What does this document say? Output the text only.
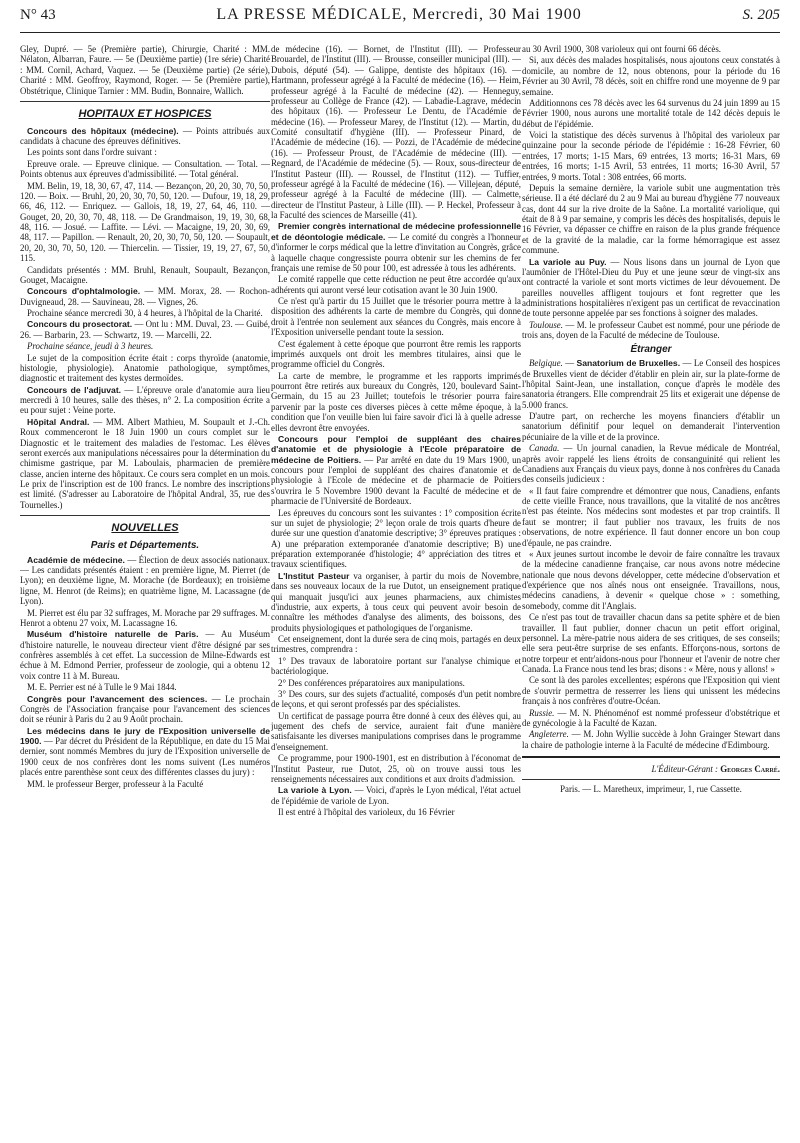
N° 43	LA PRESSE MÉDICALE, Mercredi, 30 Mai 1900	S. 205

Gley, Dupré. — 5e (Première partie), Chirurgie, Charité : MM. Nélaton, Albarran, Faure. — 5e (Deuxième partie) (1re série) Charité : MM. Cornil, Achard, Vaquez. — 5e (Deuxième partie) (2e série), Charité : MM. Geoffroy, Raymond, Roger. — 5e (Première partie), Obstétrique, Clinique Tarnier : MM. Budin, Bonnaire, Wallich.

HOPITAUX ET HOSPICES

Concours des hôpitaux (médecine). — Points attribués aux candidats à chacune des épreuves définitives.

Les points sont dans l'ordre suivant :

Epreuve orale. — Epreuve clinique. — Consultation. — Total. — Points obtenus aux épreuves d'admissibilité. — Total général.

MM. Belin, 19, 18, 30, 67, 47, 114. — Bezançon, 20, 20, 30, 70, 50, 120. — Boix. — Bruhl, 20, 20, 30, 70, 50, 120. — Dufour, 19, 18, 29, 66, 46, 112. — Enriquez. — Gallois, 18, 19, 27, 64, 46, 110. — Gouget, 20, 20, 30, 70, 48, 118. — De Grandmaison, 19, 19, 30, 68, 48, 116. — Josué. — Laffite. — Lévi. — Macaigne, 19, 20, 30, 69, 48, 117. — Papillon. — Renault, 20, 20, 30, 70, 50, 120. — Soupault, 20, 20, 30, 70, 50, 120. — Thiercelin. — Tissier, 19, 19, 27, 67, 50, 115.

Candidats présentés : MM. Bruhl, Renault, Soupault, Bezançon, Gouget, Macaigne.

Concours d'ophtalmologie. — MM. Morax, 28. — Rochon-Duvigneaud, 28. — Sauvineau, 28. — Vignes, 26.

Prochaine séance mercredi 30, à 4 heures, à l'hôpital de la Charité.

Concours du prosectorat. — Ont lu : MM. Duval, 23. — Guibé, 26. — Barbarin, 23. — Schwartz, 19. — Marcelli, 22.

Prochaine séance, jeudi à 3 heures.

Le sujet de la composition écrite était : corps thyroïde (anatomie, histologie, physiologie). Anatomie pathologique, symptômes, diagnostic et traitement des kystes dermoïdes.

Concours de l'adjuvat. — L'épreuve orale d'anatomie aura lieu mercredi à 10 heures, salle des thèses, n° 2. La composition écrite a eu pour sujet : Veine porte.

Hôpital Andral. — MM. Albert Mathieu, M. Soupault et J.-Ch. Roux commenceront le 18 Juin 1900 un cours complet sur le Diagnostic et le traitement des maladies de l'estomac. Les élèves seront exercés aux manipulations nécessaires pour la détermination du chimisme gastrique, par M. Laboulais, pharmacien de première classe, ancien interne des hôpitaux. Ce cours sera complet en un mois. Le prix de l'inscription est de 100 francs. Le nombre des inscriptions est limité. (S'adresser au Laboratoire de l'hôpital Andral, 35, rue des Tournelles.)

NOUVELLES
Paris et Départements.

Académie de médecine. — Élection de deux associés nationaux. — Les candidats présentés étaient : en première ligne, M. Pierret (de Lyon); en deuxième ligne, M. Morache (de Bordeaux); en troisième ligne, M. Henrot (de Reims); en quatrième ligne, M. Lacassagne (de Lyon).

M. Pierret est élu par 32 suffrages, M. Morache par 29 suffrages. M. Henrot a obtenu 27 voix, M. Lacassagne 16.

Muséum d'histoire naturelle de Paris. — Au Muséum d'histoire naturelle, le nouveau directeur vient d'être désigné par ses confrères assemblés à cet effet. La succession de Milne-Edwards est échue à M. Edmond Perrier, professeur de zoologie, qui a obtenu 12 voix contre 11 à M. Bureau.

M. E. Perrier est né à Tulle le 9 Mai 1844.

Congrès pour l'avancement des sciences. — Le prochain Congrès de l'Association française pour l'avancement des sciences doit se réunir à Paris du 2 au 9 Août prochain.

Les médecins dans le jury de l'Exposition universelle de 1900. — Par décret du Président de la République, en date du 15 Mai dernier, sont nommés Membres du jury de l'Exposition universelle de 1900 ceux de nos confrères dont les noms suivent (Les numéros placés entre parenthèse sont ceux des différentes classes du jury) :

MM. le professeur Berger, professeur à la Faculté

de médecine (16). — Bornet, de l'Institut (III). — Professeur Brouardel, de l'Institut (III). — Brousse, conseiller municipal (III). — Dubois, député (54). — Galippe, dentiste des hôpitaux (16). — Hartmann, professeur agrégé à la Faculté de médecine (16). — Heim, professeur agrégé à la Faculté de médecine (42). — Henneguy, professeur au Collège de France (42). — Labadie-Lagrave, médecin des hôpitaux (16). — Professeur Le Dentu, de l'Académie de médecine (16). — Professeur Marey, de l'Institut (12). — Martin, du Comité consultatif d'hygiène (III). — Professeur Pinard, de l'Académie de médecine (16). — Pozzi, de l'Académie de médecine (16). — Professeur Proust, de l'Académie de médecine (III). — Regnard, de l'Académie de médecine (5). — Roux, sous-directeur de l'Institut Pasteur (III). — Roussel, de l'Institut (112). — Tuffier, professeur agrégé à la Faculté de médecine (16). — Villejean, député, professeur agrégé à la Faculté de médecine (III). — Calmette, directeur de l'Institut Pasteur, à Lille (III). — P. Heckel, Professeur à la Faculté des sciences de Marseille (41).

Premier congrès international de médecine professionnelle et de déontologie médicale. — Le comité du congrès a l'honneur d'informer le corps médical que la lettre d'invitation au Congrès, grâce à laquelle chaque congressiste pourra obtenir sur les chemins de fer français une remise de 50 pour 100, est adressée à tous les adhérents.

Le comité rappelle que cette réduction ne peut être accordée qu'aux adhérents qui auront versé leur cotisation avant le 30 Juin 1900.

Ce n'est qu'à partir du 15 Juillet que le trésorier pourra mettre à la disposition des adhérents la carte de membre du Congrès, qui donne droit à l'entrée non seulement aux séances du Congrès, mais encore à l'Exposition universelle pendant toute la session.

C'est également à cette époque que pourront être remis les rapports imprimés auxquels ont droit les membres titulaires, ainsi que le programme officiel du Congrès.

La carte de membre, le programme et les rapports imprimés pourront être retirés aux bureaux du Congrès, 120, boulevard Saint-Germain, du 15 au 23 Juillet; toutefois le trésorier pourra faire parvenir par la poste ces diverses pièces à cette même époque, à la condition que l'on veuille bien lui faire savoir d'ici là à quelle adresse elles devront être envoyées.

Concours pour l'emploi de suppléant des chaires d'anatomie et de physiologie à l'Ecole préparatoire de médecine de Poitiers. — Par arrêté en date du 19 Mars 1900, un concours pour l'emploi de suppléant des chaires d'anatomie et de physiologie à l'Ecole de médecine et de pharmacie de Poitiers s'ouvrira le 5 Novembre 1900 devant la Faculté de médecine et de pharmacie de l'Université de Bordeaux.

Les épreuves du concours sont les suivantes : 1° composition écrite sur un sujet de physiologie; 2° leçon orale de trois quarts d'heure de durée sur une question d'anatomie descriptive; 3° épreuves pratiques : A) une préparation extemporanée d'anatomie descriptive; B) une préparation extemporanée d'histologie; 4° appréciation des titres et travaux scientifiques.

L'Institut Pasteur va organiser, à partir du mois de Novembre, dans ses nouveaux locaux de la rue Dutot, un enseignement pratique qui manquait jusqu'ici aux jeunes pharmaciens, aux chimistes d'industrie, aux experts, à tous ceux qui peuvent avoir besoin de connaître les méthodes d'analyse des aliments, des boissons, des produits physiologiques et pathologiques de l'organisme.

Cet enseignement, dont la durée sera de cinq mois, partagés en deux trimestres, comprendra :

1° Des travaux de laboratoire portant sur l'analyse chimique et bactériologique.

2° Des conférences préparatoires aux manipulations.

3° Des cours, sur des sujets d'actualité, composés d'un petit nombre de leçons, et qui seront professés par des spécialistes.

Un certificat de passage pourra être donné à ceux des élèves qui, au jugement des chefs de service, auraient fait d'une manière satisfaisante les diverses manipulations comprises dans le programme d'enseignement.

Ce programme, pour 1900-1901, est en distribution à l'économat de l'Institut Pasteur, rue Dutot, 25, où on trouve aussi tous les renseignements nécessaires aux conditions et aux droits d'admission.

La variole à Lyon. — Voici, d'après le Lyon médical, l'état actuel de l'épidémie de variole de Lyon.

Il est entré à l'hôpital des varioleux, du 16 Février

au 30 Avril 1900, 308 varioleux qui ont fourni 66 décès.

Si, aux décès des malades hospitalisés, nous ajoutons ceux constatés à domicile, au nombre de 12, nous obtenons, pour la période du 16 Février au 30 Avril, 78 décès, soit en chiffre rond une moyenne de 9 par semaine.

Additionnons ces 78 décès avec les 64 survenus du 24 juin 1899 au 15 Février 1900, nous aurons une mortalité totale de 142 décès depuis le début de l'épidémie.

Voici la statistique des décès survenus à l'hôpital des varioleux par quinzaine pour la seconde période de l'épidémie : 16-28 Février, 60 entrées, 17 morts; 1-15 Mars, 69 entrées, 13 morts; 16-31 Mars, 69 entrées, 16 morts; 1-15 Avril, 53 entrées, 11 morts; 16-30 Avril, 57 entrées, 9 morts. Total : 308 entrées, 66 morts.

Depuis la semaine dernière, la variole subit une augmentation très sérieuse. Il a été déclaré du 2 au 9 Mai au bureau d'hygiène 77 nouveaux cas, dont 44 sur la rive droite de la Saône. La mortalité variolique, qui était de 8 à 9 par semaine, y compris les décès des hospitalisés, depuis le 16 Février, va dépasser ce chiffre en raison de la plus grande fréquence et de la gravité de la maladie, car la forme hémorragique est assez commune.

La variole au Puy. — Nous lisons dans un journal de Lyon que l'aumônier de l'Hôtel-Dieu du Puy et une jeune sœur de vingt-six ans ont contracté la variole et sont morts victimes de leur dévouement. De pareilles nouvelles affligent toujours et font regretter que les administrations hospitalières n'exigent pas un certificat de revaccination de toute personne appelée par ses fonctions à soigner des malades.

Toulouse. — M. le professeur Caubet est nommé, pour une période de trois ans, doyen de la Faculté de médecine de Toulouse.

Étranger

Belgique. — Sanatorium de Bruxelles. — Le Conseil des hospices de Bruxelles vient de décider d'établir en plein air, sur la plate-forme de l'hôpital Saint-Jean, une installation, conçue d'après le modèle des sanatoria étrangers. Elle comprendrait 25 lits et exigerait une dépense de 5.000 francs.

D'autre part, on recherche les moyens financiers d'établir un sanatorium définitif pour lequel on demanderait l'intervention pécuniaire de la ville et de la province.

Canada. — Un journal canadien, la Revue médicale de Montréal, après avoir rappelé les liens étroits de consanguinité qui relient les Canadiens aux Français du vieux pays, donne à nos confrères du Canada des conseils judicieux :

« Il faut faire comprendre et démontrer que nous, Canadiens, enfants de cette vieille France, nous travaillons, que la vitalité de nos ancêtres n'est pas éteinte. Nos médecins sont modestes et par trop craintifs. Il faut se montrer; il faut publier nos travaux, les fruits de nos observations, de notre expérience. Il faut donner encore un bon coup d'épaule, ne pas craindre.

« Aux jeunes surtout incombe le devoir de faire connaître les travaux de la médecine canadienne française, car nous avons notre médecine nationale que nous devons développer, cette médecine d'observation et d'expérience que nos aînés nous ont enseignée. Travaillons, nous, médecins canadiens, à devenir « quelque chose » : something, somebody, comme dit l'Anglais.

Ce n'est pas tout de travailler chacun dans sa petite sphère et de bien travailler. Il faut publier, donner chacun un petit effort original, personnel. La mère-patrie nous aidera de ses critiques, de ses conseils; elle sera peut-être surprise de ses enfants. Efforçons-nous, sortons de notre torpeur et entr'aidons-nous pour l'honneur et l'avenir de notre cher Canada. La France nous tend les bras; disons : « Mère, nous y allons! »

Ce sont là des paroles excellentes; espérons que l'Exposition qui vient de s'ouvrir permettra de resserrer les liens qui unissent les médecins français à nos confrères d'outre-Océan.

Russie. — M. N. Phénoménof est nommé professeur d'obstétrique et de gynécologie à la Faculté de Kazan.

Angleterre. — M. John Wyllie succède à John Grainger Stewart dans la chaire de pathologie interne à la Faculté de médecine d'Edimbourg.

L'Éditeur-Gérant : Georges Carré.
Paris. — L. Maretheux, imprimeur, 1, rue Cassette.
